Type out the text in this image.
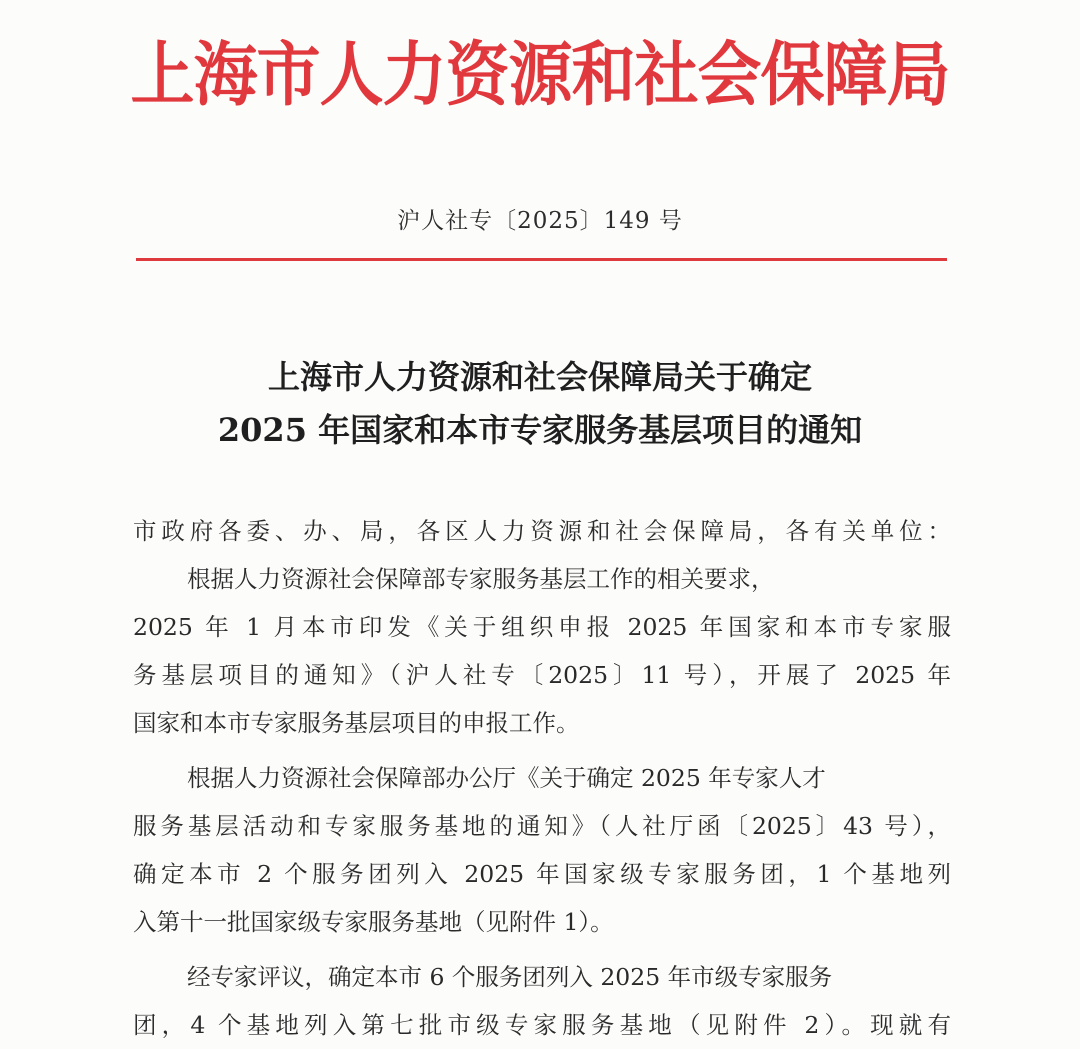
上海市人力资源和社会保障局
沪人社专〔2025〕149 号
上海市人力资源和社会保障局关于确定
2025 年国家和本市专家服务基层项目的通知
市政府各委、办、局，各区人力资源和社会保障局，各有关单位：
根据人力资源社会保障部专家服务基层工作的相关要求，
2025 年 1 月本市印发《关于组织申报 2025 年国家和本市专家服
务基层项目的通知》（沪人社专〔2025〕11 号），开展了 2025 年
国家和本市专家服务基层项目的申报工作。
根据人力资源社会保障部办公厅《关于确定 2025 年专家人才
服务基层活动和专家服务基地的通知》（人社厅函〔2025〕43 号），
确定本市 2 个服务团列入 2025 年国家级专家服务团，1 个基地列
入第十一批国家级专家服务基地（见附件 1）。
经专家评议，确定本市 6 个服务团列入 2025 年市级专家服务
团，4 个基地列入第七批市级专家服务基地（见附件 2）。现就有
